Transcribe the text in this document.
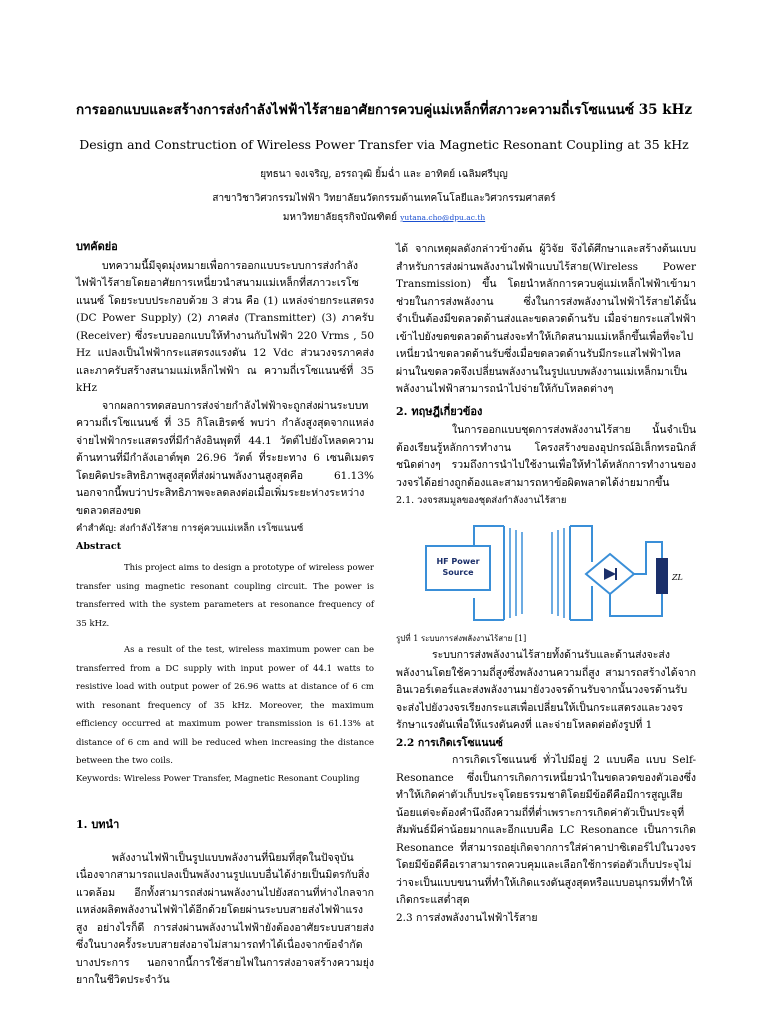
การออกแบบและสร้างการส่งกำลังไฟฟ้าไร้สายอาศัยการควบคู่แม่เหล็กที่สภาวะความถี่เรโซแนนซ์ 35 kHz
Design and Construction of Wireless Power Transfer via Magnetic Resonant Coupling at 35 kHz
ยุทธนา จงเจริญ, อรรถวุฒิ ยิ้มฉ่ำ และ อาทิตย์ เฉลิมศรีบุญ
สาขาวิชาวิศวกรรมไฟฟ้า วิทยาลัยนวัตกรรมด้านเทคโนโลยีและวิศวกรรมศาสตร์
มหาวิทยาลัยธุรกิจบัณฑิตย์ yutana.cho@dpu.ac.th
บทคัดย่อ

บทความนี้มีจุดมุ่งหมายเพื่อการออกแบบระบบการส่งกำลังไฟฟ้าไร้สายโดยอาศัยการเหนี่ยวนำสนามแม่เหล็กที่สภาวะเรโซแนนซ์ โดยระบบประกอบด้วย 3 ส่วน คือ (1) แหล่งจ่ายกระแสตรง (DC Power Supply) (2) ภาคส่ง (Transmitter) (3) ภาครับ (Receiver) ซึ่งระบบออกแบบให้ทำงานกับไฟฟ้า 220 Vrms , 50 Hz แปลงเป็นไฟฟ้ากระแสตรงแรงดัน 12 Vdc ส่วนวงจรภาคส่งและภาครับสร้างสนามแม่เหล็กไฟฟ้า ณ ความถี่เรโซแนนซ์ที่ 35 kHz

จากผลการทดสอบการส่งจ่ายกำลังไฟฟ้าจะถูกส่งผ่านระบบทความถี่เรโซแนนซ์ ที่ 35 กิโลเฮิรตซ์ พบว่า กำลังสูงสุดจากแหล่งจ่ายไฟฟ้ากระแสตรงที่มีกำลังอินพุตที่ 44.1 วัตต์ไปยังโหลดความต้านทานที่มีกำลังเอาต์พุต 26.96 วัตต์ ที่ระยะทาง 6 เซนติเมตร โดยคิดประสิทธิภาพสูงสุดที่ส่งผ่านพลังงานสูงสุดคือ 61.13% นอกจากนี้พบว่าประสิทธิภาพจะลดลงต่อเมื่อเพิ่มระยะห่างระหว่างขดลวดสองขด

คำสำคัญ: ส่งกำลังไร้สาย การคู่ควบแม่เหล็ก เรโซแนนซ์

Abstract

This project aims to design a prototype of wireless power transfer using magnetic resonant coupling circuit. The power is transferred with the system parameters at resonance frequency of 35 kHz.

As a result of the test, wireless maximum power can be transferred from a DC supply with input power of 44.1 watts to resistive load with output power of 26.96 watts at distance of 6 cm with resonant frequency of 35 kHz. Moreover, the maximum efficiency occurred at maximum power transmission is 61.13% at distance of 6 cm and will be reduced when increasing the distance between the two coils.

Keywords: Wireless Power Transfer, Magnetic Resonant Coupling

1. บทนำ

พลังงานไฟฟ้าเป็นรูปแบบพลังงานที่นิยมที่สุดในปัจจุบันเนื่องจากสามารถแปลงเป็นพลังงานรูปแบบอื่นได้ง่ายเป็นมิตรกับสิ่งแวดล้อม อีกทั้งสามารถส่งผ่านพลังงานไปยังสถานที่ห่างไกลจากแหล่งผลิตพลังงานไฟฟ้าได้อีกด้วยโดยผ่านระบบสายส่งไฟฟ้าแรงสูง อย่างไรก็ดี การส่งผ่านพลังงานไฟฟ้ายังต้องอาศัยระบบสายส่ง ซึ่งในบางครั้งระบบสายส่งอาจไม่สามารถทำได้เนื่องจากข้อจำกัดบางประการ นอกจากนี้การใช้สายไฟในการส่งอาจสร้างความยุ่งยากในชีวิตประจำวัน

ได้ จากเหตุผลดังกล่าวข้างต้น ผู้วิจัย จึงได้ศึกษาและสร้างต้นแบบสำหรับการส่งผ่านพลังงานไฟฟ้าแบบไร้สาย(Wireless Power Transmission) ขึ้น โดยนำหลักการควบคู่แม่เหล็กไฟฟ้าเข้ามาช่วยในการส่งพลังงาน ซึ่งในการส่งพลังงานไฟฟ้าไร้สายได้นั้นจำเป็นต้องมีขดลวดด้านส่งและขดลวดด้านรับ เมื่อจ่ายกระแสไฟฟ้าเข้าไปยังขดขดลวดด้านส่งจะทำให้เกิดสนามแม่เหล็กขึ้นเพื่อที่จะไปเหนี่ยวนำขดลวดด้านรับซึ่งเมื่อขดลวดด้านรับมีกระแสไฟฟ้าไหลผ่านในขดลวดจึงเปลี่ยนพลังงานในรูปแบบพลังงานแม่เหล็กมาเป็นพลังงานไฟฟ้าสามารถนำไปจ่ายให้กับโหลดต่างๆ

2. ทฤษฎีเกี่ยวข้อง

ในการออกแบบชุดการส่งพลังงานไร้สาย นั้นจำเป็นต้องเรียนรู้หลักการทำงาน โครงสร้างของอุปกรณ์อิเล็กทรอนิกส์ชนิดต่างๆ รวมถึงการนำไปใช้งานเพื่อให้ทำได้หลักการทำงานของวงจรได้อย่างถูกต้องและสามารถหาข้อผิดพลาดได้ง่ายมากขึ้น

2.1. วงจรสมมูลของชุดส่งกำลังงานไร้สาย

HF Power
Source
ZL

รูปที่ 1 ระบบการส่งพลังงานไร้สาย [1]

ระบบการส่งพลังงานไร้สายทั้งด้านรับและด้านส่งจะส่งพลังงานโดยใช้ความถี่สูงซึ่งพลังงานความถี่สูง สามารถสร้างได้จากอินเวอร์เตอร์และส่งพลังงานมายังวงจรด้านรับจากนั้นวงจรด้านรับจะส่งไปยังวงจรเรียงกระแสเพื่อเปลี่ยนให้เป็นกระแสตรงและวงจรรักษาแรงดันเพื่อให้แรงดันคงที่ และจ่ายโหลดต่อดังรูปที่ 1

2.2 การเกิดเรโซแนนซ์

การเกิดเรโซแนนซ์ ทั่วไปมีอยู่ 2 แบบคือ แบบ Self-Resonance ซึ่งเป็นการเกิดการเหนี่ยวนำในขดลวดของตัวเองซึ่งทำให้เกิดค่าตัวเก็บประจุโดยธรรมชาติโดยมีข้อดีคือมีการสูญเสียน้อยแต่จะต้องคำนึงถึงความถี่ที่ต่ำเพราะการเกิดค่าตัวเป็นประจุที่สัมพันธ์มีค่าน้อยมากและอีกแบบคือ LC Resonance เป็นการเกิด Resonance ที่สามารถอยุ่เกิดจากการใส่ค่าคาปาซิเตอร์ไปในวงจรโดยมีข้อดีคือเราสามารถควบคุมและเลือกใช้การต่อตัวเก็บประจุไม่ว่าจะเป็นแบบขนานที่ทำให้เกิดแรงดันสูงสุดหรือแบบอนุกรมที่ทำให้เกิดกระแสต่ำสุด

2.3 การส่งพลังงานไฟฟ้าไร้สาย
